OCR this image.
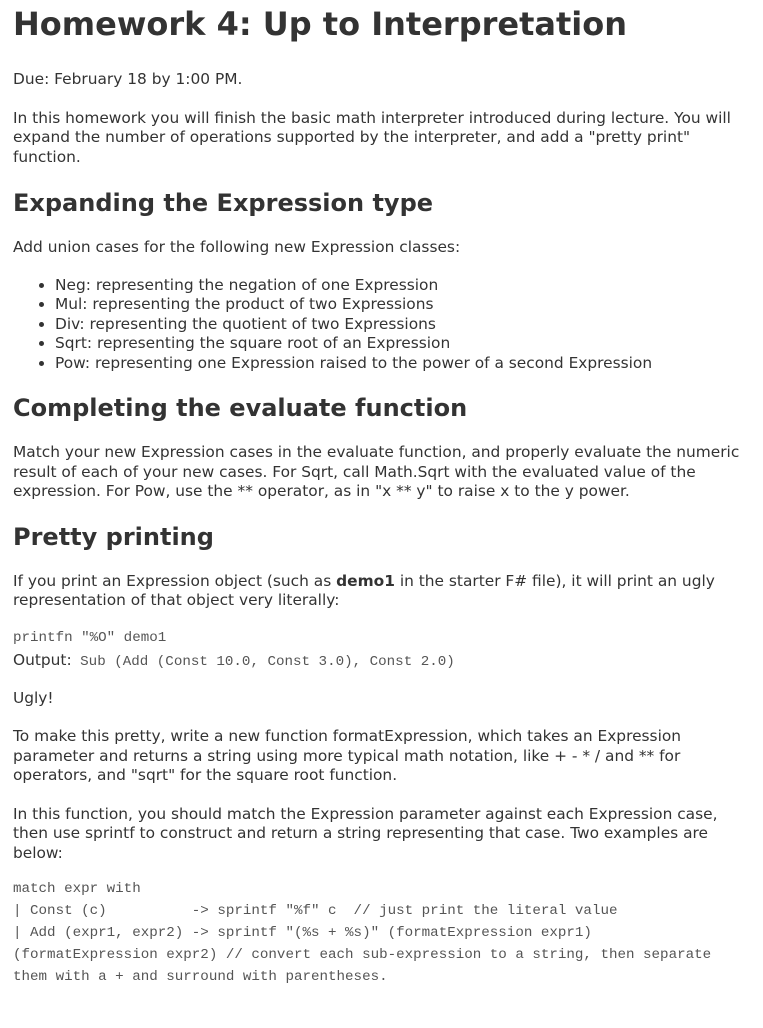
Homework 4: Up to Interpretation

Due: February 18 by 1:00 PM.

In this homework you will finish the basic math interpreter introduced during lecture. You will expand the number of operations supported by the interpreter, and add a "pretty print" function.

Expanding the Expression type

Add union cases for the following new Expression classes:

• Neg: representing the negation of one Expression
• Mul: representing the product of two Expressions
• Div: representing the quotient of two Expressions
• Sqrt: representing the square root of an Expression
• Pow: representing one Expression raised to the power of a second Expression
Completing the evaluate function

Match your new Expression cases in the evaluate function, and properly evaluate the numeric result of each of your new cases. For Sqrt, call Math.Sqrt with the evaluated value of the expression. For Pow, use the ** operator, as in "x ** y" to raise x to the y power.

Pretty printing

If you print an Expression object (such as demo1 in the starter F# file), it will print an ugly representation of that object very literally:

printfn "%O" demo1
Output: Sub (Add (Const 10.0, Const 3.0), Const 2.0)

Ugly!

To make this pretty, write a new function formatExpression, which takes an Expression parameter and returns a string using more typical math notation, like + - * / and ** for operators, and "sqrt" for the square root function.

In this function, you should match the Expression parameter against each Expression case, then use sprintf to construct and return a string representing that case. Two examples are below:

match expr with
| Const (c)          -> sprintf "%f" c  // just print the literal value
| Add (expr1, expr2) -> sprintf "(%s + %s)" (formatExpression expr1)
(formatExpression expr2) // convert each sub-expression to a string, then separate them with a + and surround with parentheses.
